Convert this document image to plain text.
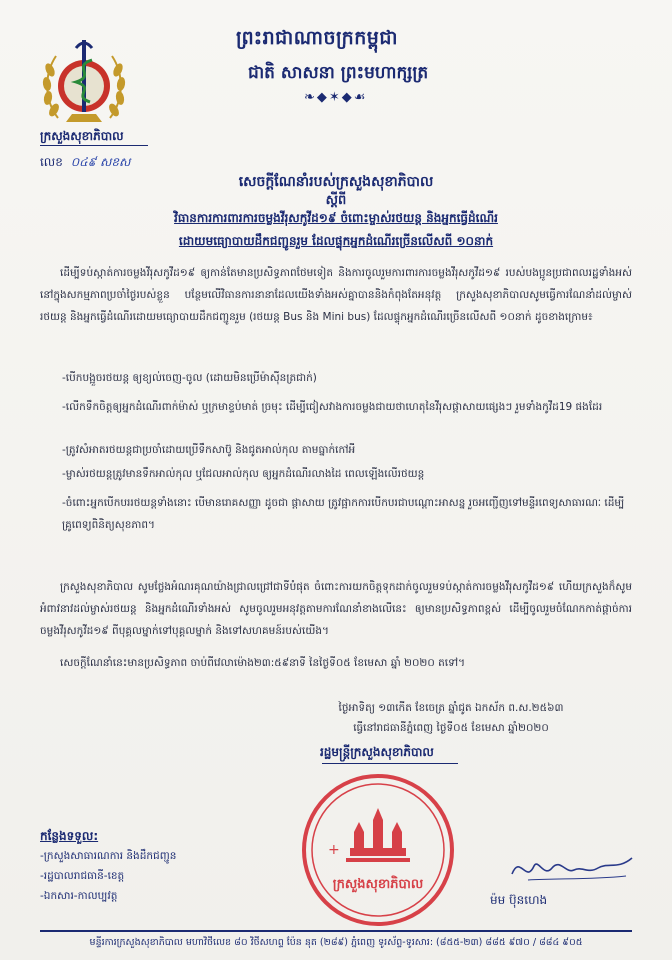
ព្រះរាជាណាចក្រកម្ពុជា
ជាតិ សាសនា ព្រះមហាក្សត្រ
❧◆✶◆☙
ក្រសួងសុខាភិបាល
លេខ ០៤៩ សខស
សេចក្តីណែនាំរបស់ក្រសួងសុខាភិបាល
ស្តីពី
វិធានការការពារការចម្លងវីរុសកូវីដ១៩ ចំពោះម្ចាស់រថយន្ត និងអ្នកធ្វើដំណើរ
ដោយមធ្យោបាយដឹកជញ្ជូនរួម ដែលផ្ទុកអ្នកដំណើរច្រើនលើសពី ១០នាក់
ដើម្បីទប់ស្កាត់ការចម្លងវីរុសកូវីដ១៩ ឲ្យកាន់តែមានប្រសិទ្ធភាពថែមទៀត និងការចូលរួមការពារការចម្លងវីរុសកូវីដ១៩ របស់បងប្អូនប្រជាពលរដ្ឋទាំងអស់ នៅក្នុងសកម្មភាពប្រចាំថ្ងៃរបស់ខ្លួន បន្ថែមលើវិធានការនានាដែលយើងទាំងអស់គ្នាបាននិងកំពុងតែអនុវត្ត ក្រសួងសុខាភិបាលសូមធ្វើការណែនាំដល់ម្ចាស់រថយន្ត និងអ្នកធ្វើដំណើរដោយមធ្យោបាយដឹកជញ្ជូនរួម (រថយន្ត Bus និង Mini bus) ដែលផ្ទុកអ្នកដំណើរច្រើនលើសពី ១០នាក់ ដូចខាងក្រោម៖
-បើកបង្អួចរថយន្ត ឲ្យខ្យល់ចេញ-ចូល (ដោយមិនប្រើម៉ាស៊ីនត្រជាក់)
-លើកទឹកចិត្តឲ្យអ្នកដំណើរពាក់ម៉ាស់ ឬក្រមាខ្ទប់មាត់ ច្រមុះ ដើម្បីជៀសវាងការចម្លងជាយថាហេតុនៃវីរុសផ្តាសាយផ្សេងៗ រួមទាំងកូវីដ19 ផងដែរ
-ត្រូវសំអាតរថយន្តជាប្រចាំដោយប្រើទឹកសាប៊ូ និងជូតអាល់កុល តាមធ្នាក់កៅអី
-ម្ចាស់រថយន្តត្រូវមានទឹកអាល់កុល ឬជែលអាល់កុល ឲ្យអ្នកដំណើរលាងដៃ ពេលឡើងលើរថយន្ត
-ចំពោះអ្នកបើកបររថយន្តទាំងនោះ បើមានរោគសញ្ញា ដូចជា ផ្តាសាយ ត្រូវផ្អាកការបើកបរជាបណ្តោះអាសន្ន រួចអញ្ជើញទៅមន្ទីរពេទ្យសាធារណៈ ដើម្បីគ្រូពេទ្យពិនិត្យសុខភាព។
ក្រសួងសុខាភិបាល សូមថ្លែងអំណរគុណយ៉ាងជ្រាលជ្រៅជាទីបំផុត ចំពោះការយកចិត្តទុកដាក់ចូលរួមទប់ស្កាត់ការចម្លងវីរុសកូវីដ១៩ ហើយក្រសួងក៏សូមអំពាវនាវដល់ម្ចាស់រថយន្ត និងអ្នកដំណើរទាំងអស់ សូមចូលរួមអនុវត្តតាមការណែនាំខាងលើនេះ ឲ្យមានប្រសិទ្ធភាពខ្ពស់ ដើម្បីចូលរួមចំណែកកាត់ផ្តាច់ការចម្លងវីរុសកូវីដ១៩ ពីបុគ្គលម្នាក់ទៅបុគ្គលម្នាក់ និងទៅសហគមន៍របស់យើង។
សេចក្តីណែនាំនេះមានប្រសិទ្ធភាព ចាប់ពីវេលាម៉ោង២៣:៥៩នាទី នៃថ្ងៃទី០៥ ខែមេសា ឆ្នាំ ២០២០ តទៅ។
ថ្ងៃអាទិត្យ ១៣កើត ខែចេត្រ ឆ្នាំជូត ឯកស័ក ព.ស.២៥៦៣
ធ្វើនៅរាជធានីភ្នំពេញ ថ្ងៃទី០៥ ខែមេសា ឆ្នាំ២០២០
រដ្ឋមន្ត្រីក្រសួងសុខាភិបាល
+
ក្រសួងសុខាភិបាល
ម៉ម ប៊ុនហេង
កន្លែងទទួល:
-ក្រសួងសាធារណការ និងដឹកជញ្ជូន
-រដ្ឋបាលរាជធានី-ខេត្ត
-ឯកសារ-កាលប្បវត្ត
មន្ទីរការក្រសួងសុខាភិបាល មហាវិថីលេខ ៨០ វិថីសហព្ទ ប៉ែន នុត (២៨៩) ភ្នំពេញ ទូរស័ព្ទ-ទូរសារ: (៨៥៥-២៣) ៨៨៥ ៩៧០ / ៨៨៤ ៩០៥
